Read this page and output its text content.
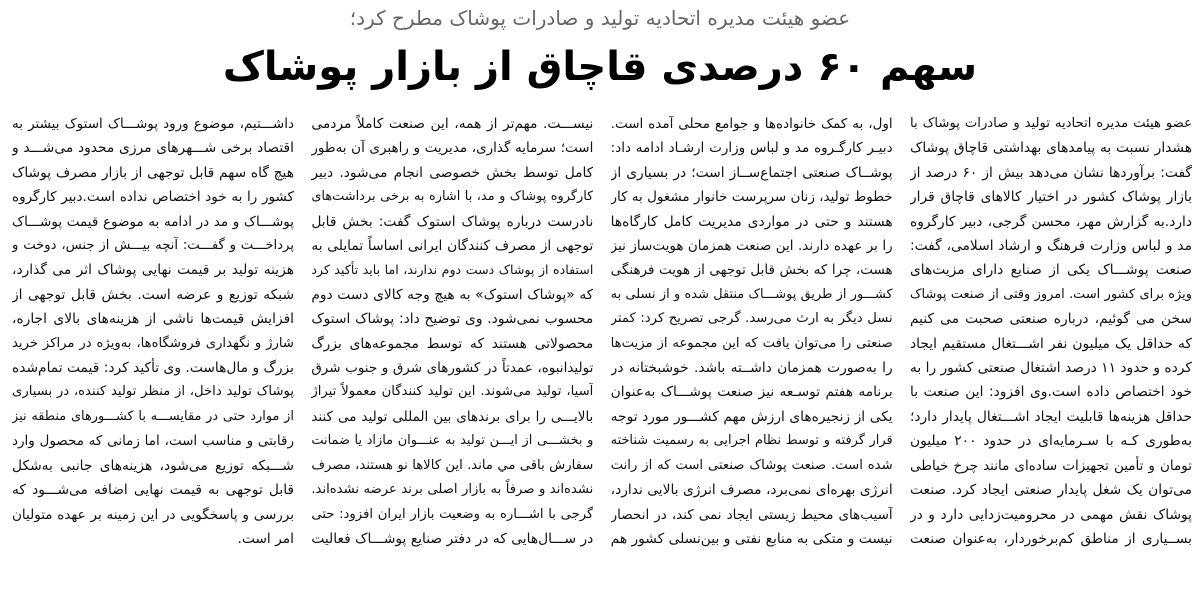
عضو هیئت مدیره اتحادیه تولید و صادرات پوشاک مطرح کرد؛
سهم ۶۰ درصدی قاچاق از بازار پوشاک
عضو هیئت مدیره اتحادیه تولید و صادرات پوشاک با
هشدار نسبت به پیامدهای بهداشتی قاچاق پوشاک
گفت: برآوردها نشان می‌دهد بیش از ۶۰ درصد از
بازار پوشاک کشور در اختیار کالاهای قاچاق قرار
دارد.به گزارش مهر، محسن گرجی، دبیر کارگروه
مد و لباس وزارت فرهنگ و ارشاد اسلامی، گفت:
صنعت پوشـــاک یکی از صنایع دارای مزیت‌های
ویژه برای کشور است. امروز وقتی از صنعت پوشاک
سخن می گوئیم، درباره صنعتی صحبت می کنیم
که حداقل یک میلیون نفر اشـــتغال مستقیم ایجاد
کرده و حدود ۱۱ درصد اشتغال صنعتی کشور را به
خود اختصاص داده است.وی افزود: این صنعت با
حداقل هزینه‌ها قابلیت ایجاد اشـــتغال پایدار دارد؛
به‌طوری کـه با سـرمایه‌ای در حدود ۲۰۰ میلیون
تومان و تأمین تجهیزات ساده‌ای مانند چرخ خیاطی
می‌توان یک شغل پایدار صنعتی ایجاد کرد. صنعت
پوشاک نقش مهمی در محرومیت‌زدایی دارد و در
بســیاری از مناطق کم‌برخوردار، به‌عنوان صنعت
اول، به کمک خانواده‌ها و جوامع محلی آمده است.
دبیـر کارگـروه مد و لباس وزارت ارشـاد ادامه داد:
پوشــاک صنعتی اجتماع‌ســاز است؛ در بسیاری از
خطوط تولید، زنان سرپرست خانوار مشغول به کار
هستند و حتی در مواردی مدیریت کامل کارگاه‌ها
را بر عهده دارند. این صنعت همزمان هویت‌ساز نیز
هست، چرا که بخش قابل توجهی از هویت فرهنگی
کشـــور از طریق پوشـــاک منتقل شده و از نسلی به
نسل دیگر به ارث می‌رسد. گرجی تصریح کرد: کمتر
صنعتی را می‌توان یافت که این مجموعه از مزیت‌ها
را به‌صورت همزمان داشــته باشد. خوشبختانه در
برنامه هفتم توسـعه نیز صنعت پوشـــاک به‌عنوان
یکی از زنجیره‌های ارزش مهم کشـــور مورد توجه
قرار گرفته و توسط نظام اجرایی به رسمیت شناخته
شده است. صنعت پوشاک صنعتی است که از رانت
انرژی بهره‌ای نمی‌برد، مصرف انرژی بالایی ندارد،
آسیب‌های محیط زیستی ایجاد نمی کند، در انحصار
نیست و متکی به منابع نفتی و بین‌نسلی کشور هم
نیســـت. مهم‌تر از همه، این صنعت کاملاً مردمی
است؛ سرمایه گذاری، مدیریت و راهبری آن به‌طور
کامل توسط بخش خصوصی انجام می‌شود. دبیر
کارگروه پوشاک و مد، با اشاره به برخی برداشت‌های
نادرست درباره پوشاک استوک گفت: بخش قابل
توجهی از مصرف کنندگان ایرانی اساساً تمایلی به
استفاده از پوشاک دست دوم ندارند، اما باید تأکید کرد
که «پوشاک استوک» به هیچ وجه کالای دست دوم
محسوب نمی‌شود. وی توضیح داد: پوشاک استوک
محصولاتی هستند که توسط مجموعه‌های بزرگ
تولیدانبوه، عمدتاً در کشورهای شرق و جنوب شرق
آسیا، تولید می‌شوند. این تولید کنندگان معمولاً تیراژ
بالایـــی را برای برندهای بین المللی تولید می کنند
و بخشـــی از ایـــن تولید به عنـــوان مازاد یا ضمانت
سفارش باقی مي ماند. این کالاها نو هستند، مصرف
نشده‌اند و صرفاً به بازار اصلی برند عرضه نشده‌اند.
گرجی با اشـــاره به وضعیت بازار ایران افزود: حتی
در ســـال‌هایی که در دفتر صنایع پوشـــاک فعالیت
داشـــتیم، موضوع ورود پوشـــاک استوک بیشتر به
اقتصاد برخی شـــهرهای مرزی محدود می‌شـــد و
هیچ گاه سهم قابل توجهی از بازار مصرف پوشاک
کشور را به خود اختصاص نداده است.دبیر کارگروه
پوشـــاک و مد در ادامه به موضوع قیمت پوشـــاک
پرداخـــت و گفـــت: آنچه بیـــش از جنس، دوخت و
هزینه تولید بر قیمت نهایی پوشاک اثر می گذارد،
شبکه توزیع و عرضه است. بخش قابل توجهی از
افزایش قیمت‌ها ناشی از هزینه‌های بالای اجاره،
شارژ و نگهداری فروشگاه‌ها، به‌ویژه در مراکز خرید
بزرگ و مال‌هاست. وی تأکید کرد: قیمت تمام‌شده
پوشاک تولید داخل، از منظر تولید کننده، در بسیاری
از موارد حتی در مقایســـه با کشـــورهای منطقه نیز
رقابتی و مناسب است، اما زمانی که محصول وارد
شـــبکه توزیع می‌شود، هزینه‌های جانبی به‌شکل
قابل توجهی به قیمت نهایی اضافه می‌شـــود که
بررسی و پاسخگویی در این زمینه بر عهده متولیان
امر است.
